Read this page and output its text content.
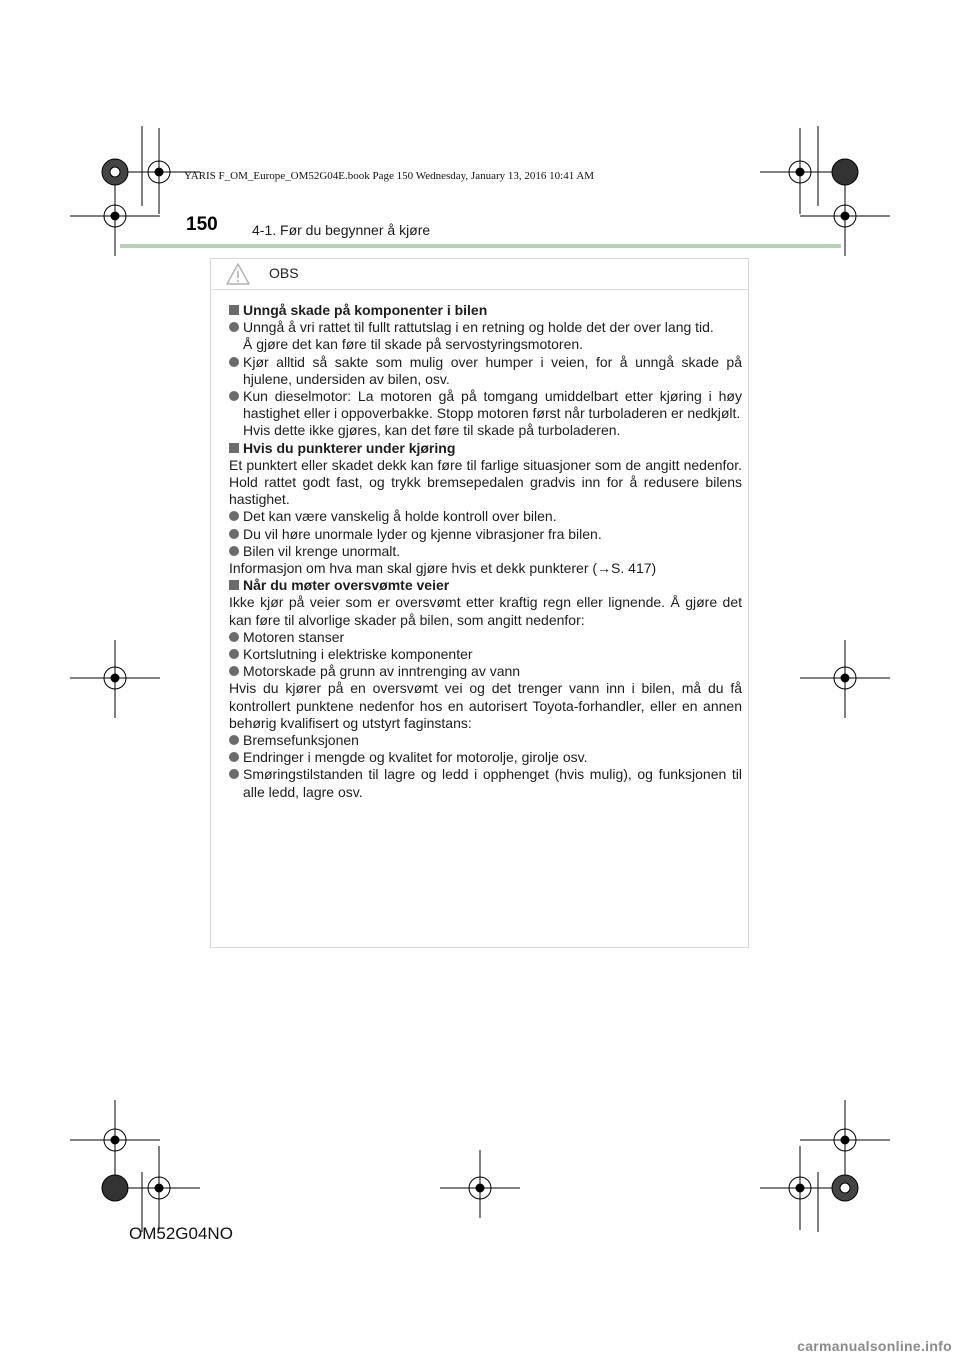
YARIS F_OM_Europe_OM52G04E.book Page 150 Wednesday, January 13, 2016 10:41 AM
150 4-1. Før du begynner å kjøre
OBS

Unngå skade på komponenter i bilen

Unngå å vri rattet til fullt rattutslag i en retning og holde det der over lang tid.
Å gjøre det kan føre til skade på servostyringsmotoren.

Kjør alltid så sakte som mulig over humper i veien, for å unngå skade på hjulene, undersiden av bilen, osv.

Kun dieselmotor: La motoren gå på tomgang umiddelbart etter kjøring i høy hastighet eller i oppoverbakke. Stopp motoren først når turboladeren er nedkjølt.
Hvis dette ikke gjøres, kan det føre til skade på turboladeren.

Hvis du punkterer under kjøring

Et punktert eller skadet dekk kan føre til farlige situasjoner som de angitt nedenfor. Hold rattet godt fast, og trykk bremsepedalen gradvis inn for å redusere bilens hastighet.

Det kan være vanskelig å holde kontroll over bilen.

Du vil høre unormale lyder og kjenne vibrasjoner fra bilen.

Bilen vil krenge unormalt.

Informasjon om hva man skal gjøre hvis et dekk punkterer (→S. 417)

Når du møter oversvømte veier

Ikke kjør på veier som er oversvømt etter kraftig regn eller lignende. Å gjøre det kan føre til alvorlige skader på bilen, som angitt nedenfor:

Motoren stanser

Kortslutning i elektriske komponenter

Motorskade på grunn av inntrenging av vann

Hvis du kjører på en oversvømt vei og det trenger vann inn i bilen, må du få kontrollert punktene nedenfor hos en autorisert Toyota-forhandler, eller en annen behørig kvalifisert og utstyrt faginstans:

Bremsefunksjonen

Endringer i mengde og kvalitet for motorolje, girolje osv.

Smøringstilstanden til lagre og ledd i opphenget (hvis mulig), og funksjonen til alle ledd, lagre osv.

OM52G04NO
carmanualsonline.info
